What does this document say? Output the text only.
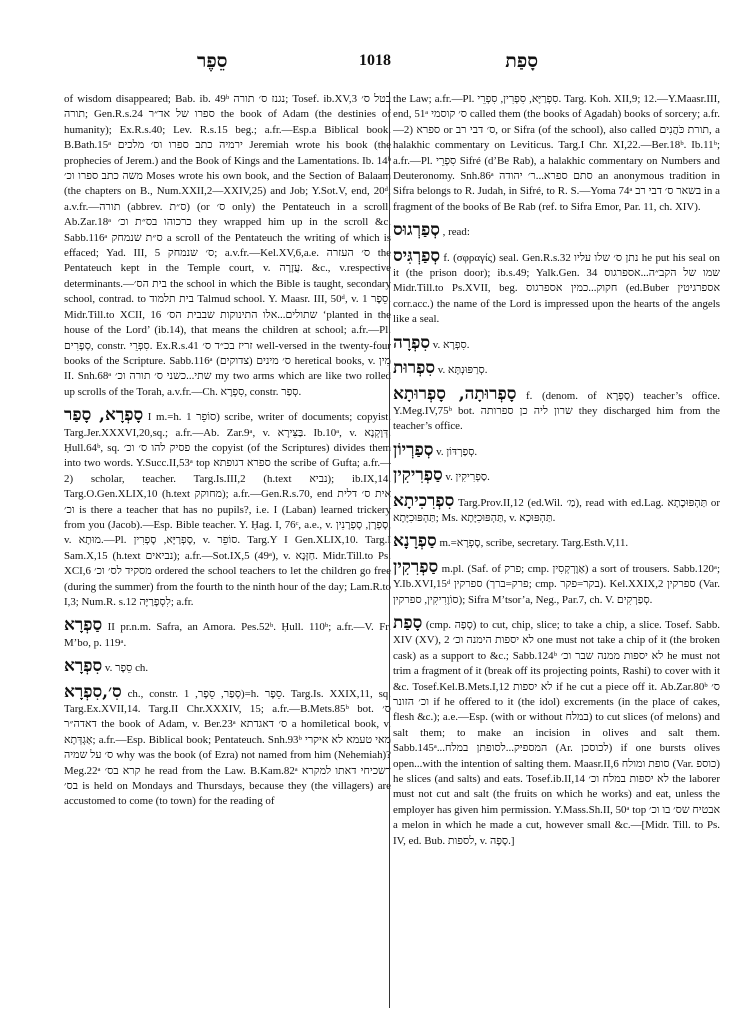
סֵפֶר	1018	סָפַת

of wisdom disappeared; Bab. ib. 49ᵇ נגנז ס׳ תורה; Tosef. ib.XV,3 בטל ס׳ תורה; Gen.R.s.24 ספרו של אד״ר the book of Adam (the destinies of humanity); Ex.R.s.40; Lev. R.s.15 beg.; a.fr.—Esp.a Biblical book. B.Bath.15ᵃ ירמיה כתב ספרו וס׳ מלכים Jeremiah wrote his book (the prophecies of Jerem.) and the Book of Kings and the Lamentations. Ib. 14ᵇ משה כתב ספרו וכ׳ Moses wrote his own book, and the Section of Balaam (the chapters on B., Num.XXII,2—XXIV,25) and Job; Y.Sot.V, end, 20ᵈ; a.v.fr.—תורה (abbrev. ס״ת) (or ס׳ only) the Pentateuch in a scroll. Ab.Zar.18ᵃ כרכוהו בס״ת וכ׳ they wrapped him up in the scroll &c. Sabb.116ᵃ ס״ת שנמחק a scroll of the Pentateuch the writing of which is effaced; Yad. III, 5 ס׳ שנמחק; a.v.fr.—Kel.XV,6,a.e. ס׳ העזרה the Pentateuch kept in the Temple court, v. עֲזָרָה. &c., v.respective determinants.—בית הס׳ the school in which the Bible is taught, secondary school, contrad. to בית תלמוד Talmud school. Y. Maasr. III, 50ᵈ, v. סֵפֶר 1. Midr.Till.to XCII, 16 שתולים...אלו התינוקות שבבית הס׳ ‘planted in the house of the Lord’ (ib.14), that means the children at school; a.fr.—Pl. סְפָרִים, constr. סִפְרֵי. Ex.R.s.41 זריז בכ״ד ס׳ well-versed in the twenty-four books of the Scripture. Sabb.116ᵃ ס׳ מינים (צדוקים) heretical books, v. מִין II. Snh.68ᵃ שתי...כשני ס׳ תורה וכ׳ my two arms which are like two rolled up scrolls of the Torah, a.v.fr.—Ch. סִפְרָא, constr. סְפַר.

סָפְרָא, סָפַר I m.=h. סוֹפֵר 1) scribe, writer of documents; copyist. Targ.Jer.XXXVI,20,sq.; a.fr.—Ab. Zar.9ᵃ, v. בַּצִּירָא. Ib.10ᵃ, v. דְּוָקְנָא. Ḥull.64ᵇ, sq. פסיק להו ס׳ וכ׳ the copyist (of the Scriptures) divides them into two words. Y.Succ.II,53ᵃ top ספרא דגופתא the scribe of Gufta; a.fr.—2) scholar, teacher. Targ.Is.III,2 (h.text נביא); ib.IX,14. Targ.O.Gen.XLIX,10 (h.text מחוקק); a.fr.—Gen.R.s.70, end אית ס׳ דלית וכ׳ is there a teacher that has no pupils?, i.e. I (Laban) learned trickery from you (Jacob).—Esp. Bible teacher. Y. Ḥag. I, 76ᶜ, a.e., v. סָפְרָן, סָפְרָנִין, v. מוּתָא.—Pl. סָפְרַיָּא, סָפְרִין, v. סוֹפֵר. Targ.Y I Gen.XLIX,10. Targ.I Sam.X,15 (h.text נביאים); a.fr.—Sot.IX,5 (49ᵃ), v. חַזָּנָא. Midr.Till.to Ps. XCI,6 מסקיד לס׳ וכ׳ ordered the school teachers to let the children go free (during the summer) from the fourth to the ninth hour of the day; Lam.R.to I,3; Num.R. s.12 לִסְפָרַיָּה; a.fr.

סַפְרָא II pr.n.m. Safra, an Amora. Pes.52ᵇ. Ḥull. 110ᵇ; a.fr.—V. Fr. M’bo, p. 119ᵃ.

סִפְרָא v. סֵפֶר ch.

סִ׳,סִפְרָא ch., constr. סְפַר, סֵפֶר, 1)=h. סֵפֶר. Targ.Is. XXIX,11, sq. Targ.Ex.XVII,14. Targ.II Chr.XXXIV, 15; a.fr.—B.Mets.85ᵇ bot. ס׳ דאדה״ר the book of Adam, v. Ber.23ᵃ ס׳ דאגדתא a homiletical book, v. אַגְדְּתָא; a.fr.—Esp. Biblical book; Pentateuch. Snh.93ᵇ מאי טעמא לא איקרי ס׳ על שמיה why was the book (of Ezra) not named from him (Nehemiah)? Meg.22ᵃ קרא בס׳ he read from the Law. B.Kam.82ᵃ דשכיחי דאתו למקרא בס׳ is held on Mondays and Thursdays, because they (the villagers) are accustomed to come (to town) for the reading of

the Law; a.fr.—Pl. סִפְרַיָּא, סִפְרִין, סִפְרֵי. Targ. Koh. XII,9; 12.—Y.Maasr.III, end, 51ᵃ ס׳ קוסמי called them (the books of Agadah) books of sorcery; a.fr.—2) ספרא or ס׳ דבי רב, or Sifra (of the school), also called תורת כֹּהֲנִים, a halakhic commentary on Leviticus. Targ.I Chr. XI,22.—Ber.18ᵇ. Ib.11ᵇ; a.fr.—Pl. סִפְרֵי Sifré (d’Be Rab), a halakhic commentary on Numbers and Deuteronomy. Snh.86ᵃ סתם ספרא...ר׳ יהודה an anonymous tradition in Sifra belongs to R. Judah, in Sifré, to R. S.—Yoma 74ᵃ בשאר ס׳ דבי רב in a fragment of the books of Be Rab (ref. to Sifra Emor, Par. 11, ch. XIV).

סְפַרְגוּס , read:

סְפַרְגִּיס f. (σφραγίς) seal. Gen.R.s.32 נתן ס׳ שלו עליו he put his seal on it (the prison door); ib.s.49; Yalk.Gen. 34 שמו של הקב״ה...אספרגוס Midr.Till.to Ps.XVII, beg. חקוק...כמין אספרגוס (ed.Buber אספרגיטין corr.acc.) the name of the Lord is impressed upon the hearts of the angels like a seal.

סִפְרָה v. סִפְרָא.

סִפְרוּת v. סְרַפּוּנְתָּא.

סָפְרוּתָה, סָפְרוּתָא f. (denom. of סָפְרָא) teacher’s office. Y.Meg.IV,75ᵇ bot. שרון ליה כן ספרותה they discharged him from the teacher’s office.

סְפַרְיוֹן v. סְפַרְדּוֹן.

סַפְרִיקִין v. סַפְרִיקִין.

סִפְרִכִיתָא Targ.Prov.II,12 (ed.Wil. מַ׳), read with ed.Lag. תַּהְפּוּכָתָא or תַּהְפּוּכִיָּתָא; Ms. תַּהְפּוּכִיָּתָא, v. תַּהְפּוּכָא.

סַפְרָנָא m.=סָפְרָא, scribe, secretary. Targ.Esth.V,11.

סַפְרִקִין m.pl. (Saf. of פרק; cmp. אַוֶרְקְסִין) a sort of trousers. Sabb.120ᵃ; Y.Ib.XVI,15ᵈ ספרקין (פרק=ברך; cmp. בקר=פקר). Kel.XXIX,2 ספרקין (Var. סוֹוֶרִיקִין, ספרקין); Sifra M’tsor’a, Neg., Par.7, ch. V. סְפַרְקִים.

סָפַת (cmp. סָפָה) to cut, chip, slice; to take a chip, a slice. Tosef. Sabb. XIV (XV), 2 לא יספות הימנה וכ׳ one must not take a chip of it (the broken cask) as a support to &c.; Sabb.124ᵇ לא יספות ממנה שבר וכ׳ he must not trim a fragment of it (break off its projecting points, Rashi) to cover with it &c. Tosef.Kel.B.Mets.I,12 לא יספות if he cut a piece off it. Ab.Zar.80ᵇ ס׳ וכ׳ הזונר if he offered to it (the idol) excrements (in the place of cakes, flesh &c.); a.e.—Esp. (with or without במלח) to cut slices (of melons) and salt them; to make an incision in olives and salt them. Sabb.145ᵃ...המספיק...לסופתן במלח (Ar. לכוסכן) if one bursts olives open...with the intention of salting them. Maasr.II,6 סופת ומולח (Var. כוספ) he slices (and salts) and eats. Tosef.ib.II,14 לא יספות במלח וכ׳ the laborer must not cut and salt (the fruits on which he works) and eat, unless the employer has given him permission. Y.Mass.Sh.II, 50ᵃ top אבטיח שס׳ בו וכ׳ a melon in which he made a cut, however small &c.—[Midr. Till. to Ps. IV, ed. Bub. לספות, v. סָפָה.]
